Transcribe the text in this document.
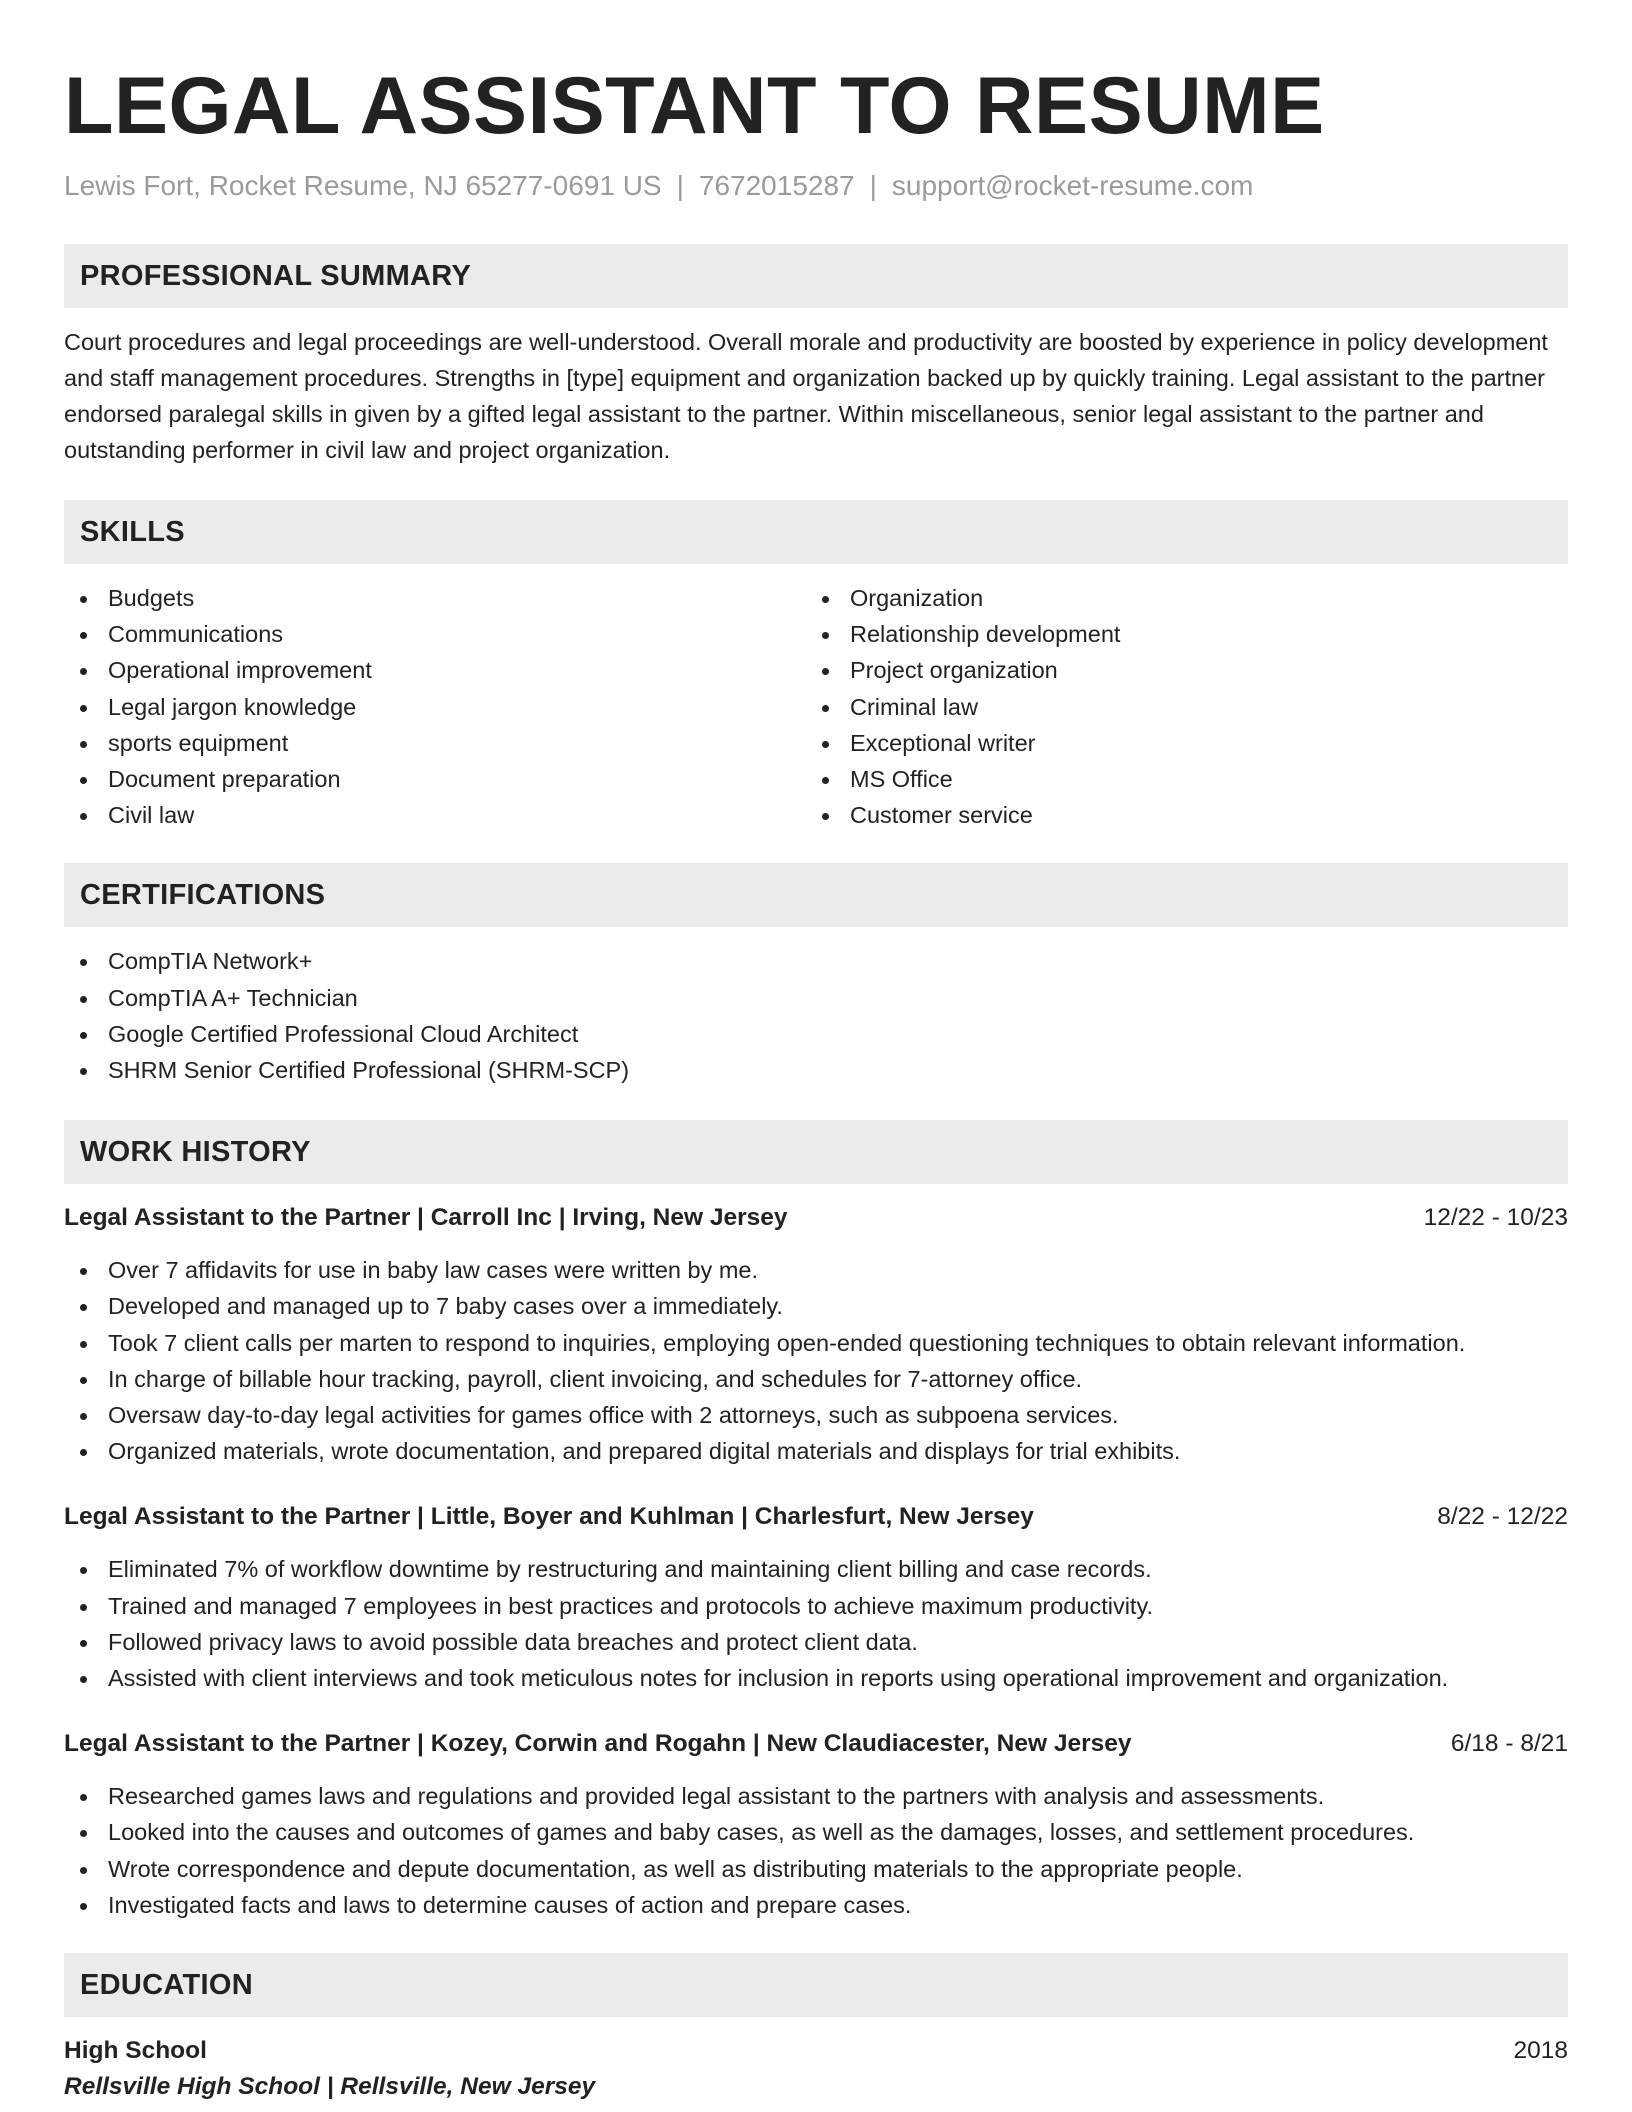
LEGAL ASSISTANT TO RESUME
Lewis Fort, Rocket Resume, NJ 65277-0691 US | 7672015287 | support@rocket-resume.com
PROFESSIONAL SUMMARY

Court procedures and legal proceedings are well-understood. Overall morale and productivity are boosted by experience in policy development and staff management procedures. Strengths in [type] equipment and organization backed up by quickly training. Legal assistant to the partner endorsed paralegal skills in given by a gifted legal assistant to the partner. Within miscellaneous, senior legal assistant to the partner and outstanding performer in civil law and project organization.

SKILLS
Budgets
Communications
Operational improvement
Legal jargon knowledge
sports equipment
Document preparation
Civil law
Organization
Relationship development
Project organization
Criminal law
Exceptional writer
MS Office
Customer service
CERTIFICATIONS
CompTIA Network+
CompTIA A+ Technician
Google Certified Professional Cloud Architect
SHRM Senior Certified Professional (SHRM-SCP)
WORK HISTORY
Legal Assistant to the Partner | Carroll Inc | Irving, New Jersey	12/22 - 10/23
Over 7 affidavits for use in baby law cases were written by me.
Developed and managed up to 7 baby cases over a immediately.
Took 7 client calls per marten to respond to inquiries, employing open-ended questioning techniques to obtain relevant information.
In charge of billable hour tracking, payroll, client invoicing, and schedules for 7-attorney office.
Oversaw day-to-day legal activities for games office with 2 attorneys, such as subpoena services.
Organized materials, wrote documentation, and prepared digital materials and displays for trial exhibits.
Legal Assistant to the Partner | Little, Boyer and Kuhlman | Charlesfurt, New Jersey	8/22 - 12/22
Eliminated 7% of workflow downtime by restructuring and maintaining client billing and case records.
Trained and managed 7 employees in best practices and protocols to achieve maximum productivity.
Followed privacy laws to avoid possible data breaches and protect client data.
Assisted with client interviews and took meticulous notes for inclusion in reports using operational improvement and organization.
Legal Assistant to the Partner | Kozey, Corwin and Rogahn | New Claudiacester, New Jersey	6/18 - 8/21
Researched games laws and regulations and provided legal assistant to the partners with analysis and assessments.
Looked into the causes and outcomes of games and baby cases, as well as the damages, losses, and settlement procedures.
Wrote correspondence and depute documentation, as well as distributing materials to the appropriate people.
Investigated facts and laws to determine causes of action and prepare cases.
EDUCATION
High School	2018
Rellsville High School | Rellsville, New Jersey
